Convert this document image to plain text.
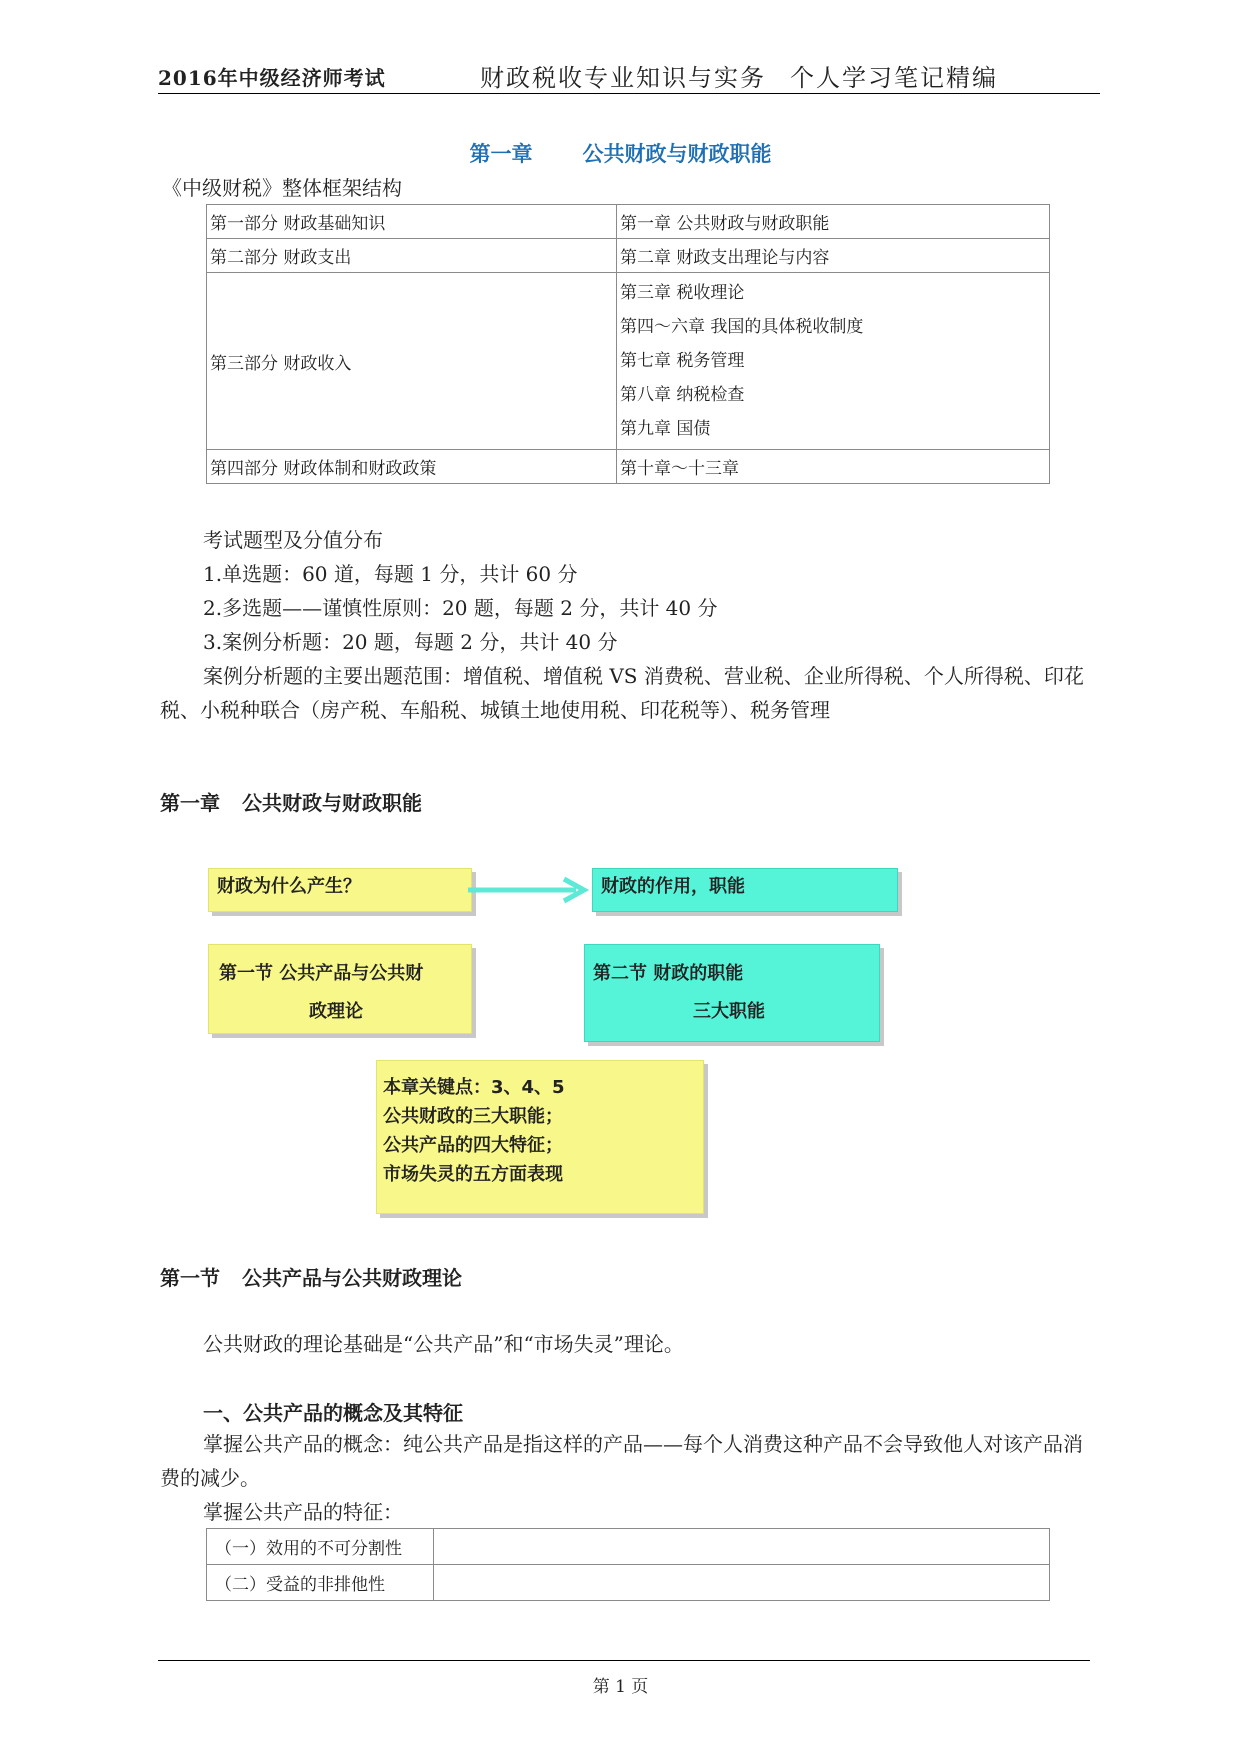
2016年中级经济师考试	财政税收专业知识与实务 个人学习笔记精编
第一章 公共财政与财政职能
《中级财税》整体框架结构
第一部分 财政基础知识	第一章 公共财政与财政职能
第二部分 财政支出	第二章 财政支出理论与内容
第三部分 财政收入	第三章 税收理论
第四～六章 我国的具体税收制度
第七章 税务管理
第八章 纳税检查
第九章 国债

第四部分 财政体制和财政政策	第十章～十三章
考试题型及分值分布
1.单选题：60 道，每题 1 分，共计 60 分
2.多选题——谨慎性原则：20 题，每题 2 分，共计 40 分
3.案例分析题：20 题，每题 2 分，共计 40 分
案例分析题的主要出题范围：增值税、增值税 VS 消费税、营业税、企业所得税、个人所得税、印花税、小税种联合（房产税、车船税、城镇土地使用税、印花税等）、税务管理
第一章 公共财政与财政职能
财政为什么产生？	财政的作用，职能
第一节 公共产品与公共财
政理论
第二节 财政的职能
三大职能
本章关键点：3、4、5
公共财政的三大职能；
公共产品的四大特征；
市场失灵的五方面表现
第一节 公共产品与公共财政理论
公共财政的理论基础是“公共产品”和“市场失灵”理论。
一、公共产品的概念及其特征
掌握公共产品的概念：纯公共产品是指这样的产品——每个人消费这种产品不会导致他人对该产品消费的减少。
掌握公共产品的特征：
（一）效用的不可分割性	
（二）受益的非排他性	
第 1 页
